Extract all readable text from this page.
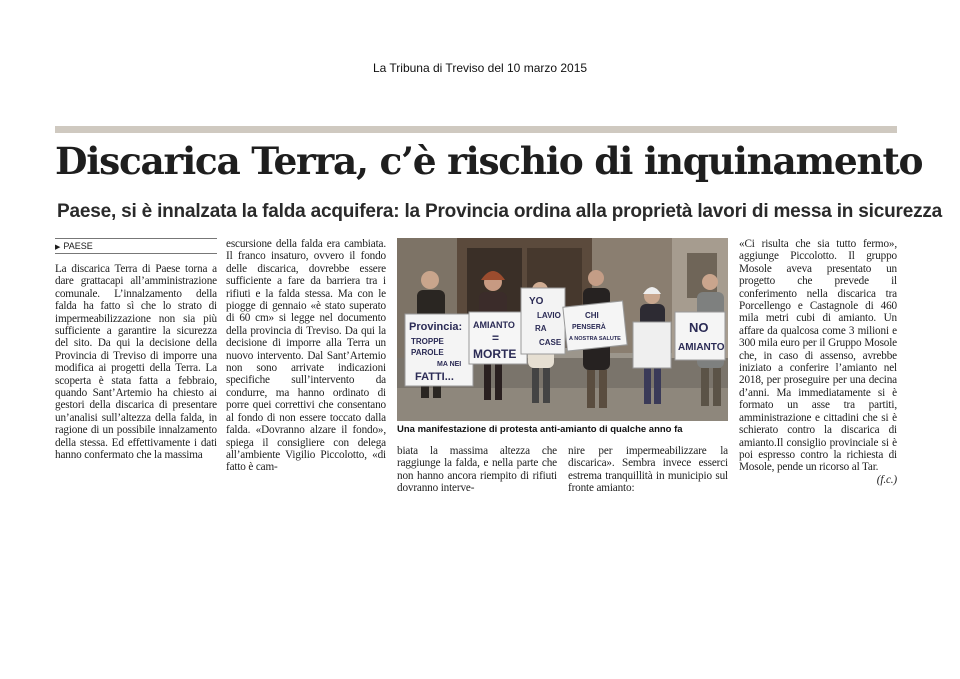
La Tribuna di Treviso del 10 marzo 2015
Discarica Terra, c’è rischio di inquinamento
Paese, si è innalzata la falda acquifera: la Provincia ordina alla proprietà lavori di messa in sicurezza
▶ PAESE

La discarica Terra di Paese torna a dare grattacapi all’amministrazione comunale. L’innalzamento della falda ha fatto sì che lo strato di impermeabilizzazione non sia più sufficiente a garantire la sicurezza del sito. Da qui la decisione della Provincia di Treviso di imporre una modifica ai progetti della Terra. La scoperta è stata fatta a febbraio, quando Sant’Artemio ha chiesto ai gestori della discarica di presentare un’analisi sull’altezza della falda, in ragione di un possibile innalzamento della stessa. Ed effettivamente i dati hanno confermato che la massima

escursione della falda era cambiata. Il franco insaturo, ovvero il fondo delle discarica, dovrebbe essere sufficiente a fare da barriera tra i rifiuti e la falda stessa. Ma con le piogge di gennaio «è stato superato di 60 cm» si legge nel documento della provincia di Treviso. Da qui la decisione di imporre alla Terra un nuovo intervento. Dal Sant’Artemio non sono arrivate indicazioni specifiche sull’intervento da condurre, ma hanno ordinato di porre quei correttivi che consentano al fondo di non essere toccato dalla falda. «Dovranno alzare il fondo», spiega il consigliere con delega all’ambiente Vigilio Piccolotto, «di fatto è cam-

Provincia:
TROPPE
PAROLE
MA NEI
FATTI...
AMIANTO
=
MORTE
YO
LAVIO
RA
CASE
CHI
PENSERÀ
A NOSTRA SALUTE
NO
AMIANTO
Una manifestazione di protesta anti-amianto di qualche anno fa

biata la massima altezza che raggiunge la falda, e nella parte che non hanno ancora riempito di rifiuti dovranno interve-

nire per impermeabilizzare la discarica». Sembra invece esserci estrema tranquillità in municipio sul fronte amianto:

«Ci risulta che sia tutto fermo», aggiunge Piccolotto. Il gruppo Mosole aveva presentato un progetto che prevede il conferimento nella discarica tra Porcellengo e Castagnole di 460 mila metri cubi di amianto. Un affare da qualcosa come 3 milioni e 300 mila euro per il Gruppo Mosole che, in caso di assenso, avrebbe iniziato a conferire l’amianto nel 2018, per proseguire per una decina d’anni. Ma immediatamente si è formato un asse tra partiti, amministrazione e cittadini che si è schierato contro la discarica di amianto.Il consiglio provinciale si è poi espresso contro la richiesta di Mosole, pende un ricorso al Tar.
(f.c.)
